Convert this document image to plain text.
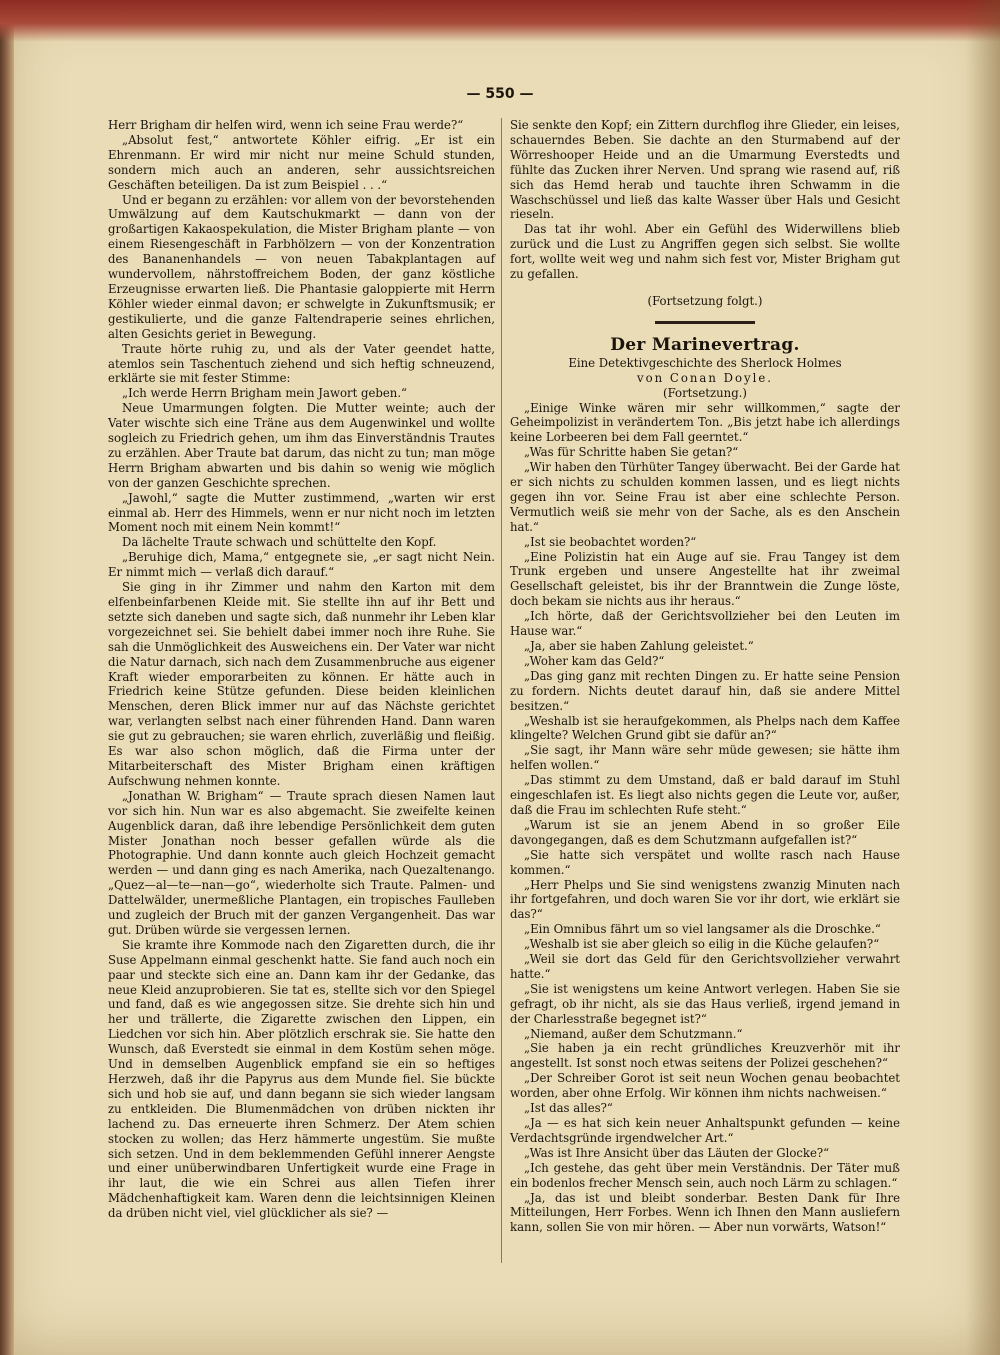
— 550 —

Herr Brigham dir helfen wird, wenn ich seine Frau werde?“

„Absolut fest,“ antwortete Köhler eifrig. „Er ist ein Ehrenmann. Er wird mir nicht nur meine Schuld stunden, sondern mich auch an anderen, sehr aussichtsreichen Geschäften beteiligen. Da ist zum Beispiel . . .“

Und er begann zu erzählen: vor allem von der bevorstehenden Umwälzung auf dem Kautschukmarkt — dann von der großartigen Kakaospekulation, die Mister Brigham plante — von einem Riesengeschäft in Farbhölzern — von der Konzentration des Bananenhandels — von neuen Tabakplantagen auf wundervollem, nährstoffreichem Boden, der ganz köstliche Erzeugnisse erwarten ließ. Die Phantasie galoppierte mit Herrn Köhler wieder einmal davon; er schwelgte in Zukunftsmusik; er gestikulierte, und die ganze Faltendraperie seines ehrlichen, alten Gesichts geriet in Bewegung.

Traute hörte ruhig zu, und als der Vater geendet hatte, atemlos sein Taschentuch ziehend und sich heftig schneuzend, erklärte sie mit fester Stimme:

„Ich werde Herrn Brigham mein Jawort geben.“

Neue Umarmungen folgten. Die Mutter weinte; auch der Vater wischte sich eine Träne aus dem Augenwinkel und wollte sogleich zu Friedrich gehen, um ihm das Einverständnis Trautes zu erzählen. Aber Traute bat darum, das nicht zu tun; man möge Herrn Brigham abwarten und bis dahin so wenig wie möglich von der ganzen Geschichte sprechen.

„Jawohl,“ sagte die Mutter zustimmend, „warten wir erst einmal ab. Herr des Himmels, wenn er nur nicht noch im letzten Moment noch mit einem Nein kommt!“

Da lächelte Traute schwach und schüttelte den Kopf.

„Beruhige dich, Mama,“ entgegnete sie, „er sagt nicht Nein. Er nimmt mich — verlaß dich darauf.“

Sie ging in ihr Zimmer und nahm den Karton mit dem elfenbeinfarbenen Kleide mit. Sie stellte ihn auf ihr Bett und setzte sich daneben und sagte sich, daß nunmehr ihr Leben klar vorgezeichnet sei. Sie behielt dabei immer noch ihre Ruhe. Sie sah die Unmöglichkeit des Ausweichens ein. Der Vater war nicht die Natur darnach, sich nach dem Zusammenbruche aus eigener Kraft wieder emporarbeiten zu können. Er hätte auch in Friedrich keine Stütze gefunden. Diese beiden kleinlichen Menschen, deren Blick immer nur auf das Nächste gerichtet war, verlangten selbst nach einer führenden Hand. Dann waren sie gut zu gebrauchen; sie waren ehrlich, zuverläßig und fleißig. Es war also schon möglich, daß die Firma unter der Mitarbeiterschaft des Mister Brigham einen kräftigen Aufschwung nehmen konnte.

„Jonathan W. Brigham“ — Traute sprach diesen Namen laut vor sich hin. Nun war es also abgemacht. Sie zweifelte keinen Augenblick daran, daß ihre lebendige Persönlichkeit dem guten Mister Jonathan noch besser gefallen würde als die Photographie. Und dann konnte auch gleich Hochzeit gemacht werden — und dann ging es nach Amerika, nach Quezaltenango. „Quez—al—te—nan—go“, wiederholte sich Traute. Palmen- und Dattelwälder, unermeßliche Plantagen, ein tropisches Faulleben und zugleich der Bruch mit der ganzen Vergangenheit. Das war gut. Drüben würde sie vergessen lernen.

Sie kramte ihre Kommode nach den Zigaretten durch, die ihr Suse Appelmann einmal geschenkt hatte. Sie fand auch noch ein paar und steckte sich eine an. Dann kam ihr der Gedanke, das neue Kleid anzuprobieren. Sie tat es, stellte sich vor den Spiegel und fand, daß es wie angegossen sitze. Sie drehte sich hin und her und trällerte, die Zigarette zwischen den Lippen, ein Liedchen vor sich hin. Aber plötzlich erschrak sie. Sie hatte den Wunsch, daß Everstedt sie einmal in dem Kostüm sehen möge. Und in demselben Augenblick empfand sie ein so heftiges Herzweh, daß ihr die Papyrus aus dem Munde fiel. Sie bückte sich und hob sie auf, und dann begann sie sich wieder langsam zu entkleiden. Die Blumenmädchen von drüben nickten ihr lachend zu. Das erneuerte ihren Schmerz. Der Atem schien stocken zu wollen; das Herz hämmerte ungestüm. Sie mußte sich setzen. Und in dem beklemmenden Gefühl innerer Aengste und einer unüberwindbaren Unfertigkeit wurde eine Frage in ihr laut, die wie ein Schrei aus allen Tiefen ihrer Mädchenhaftigkeit kam. Waren denn die leichtsinnigen Kleinen da drüben nicht viel, viel glücklicher als sie? —

Sie senkte den Kopf; ein Zittern durchflog ihre Glieder, ein leises, schauerndes Beben. Sie dachte an den Sturmabend auf der Wörreshooper Heide und an die Umarmung Everstedts und fühlte das Zucken ihrer Nerven. Und sprang wie rasend auf, riß sich das Hemd herab und tauchte ihren Schwamm in die Waschschüssel und ließ das kalte Wasser über Hals und Gesicht rieseln.

Das tat ihr wohl. Aber ein Gefühl des Widerwillens blieb zurück und die Lust zu Angriffen gegen sich selbst. Sie wollte fort, wollte weit weg und nahm sich fest vor, Mister Brigham gut zu gefallen.

(Fortsetzung folgt.)

Der Marinevertrag.

Eine Detektivgeschichte des Sherlock Holmes

von Conan Doyle.

(Fortsetzung.)

„Einige Winke wären mir sehr willkommen,“ sagte der Geheimpolizist in verändertem Ton. „Bis jetzt habe ich allerdings keine Lorbeeren bei dem Fall geerntet.“

„Was für Schritte haben Sie getan?“

„Wir haben den Türhüter Tangey überwacht. Bei der Garde hat er sich nichts zu schulden kommen lassen, und es liegt nichts gegen ihn vor. Seine Frau ist aber eine schlechte Person. Vermutlich weiß sie mehr von der Sache, als es den Anschein hat.“

„Ist sie beobachtet worden?“

„Eine Polizistin hat ein Auge auf sie. Frau Tangey ist dem Trunk ergeben und unsere Angestellte hat ihr zweimal Gesellschaft geleistet, bis ihr der Branntwein die Zunge löste, doch bekam sie nichts aus ihr heraus.“

„Ich hörte, daß der Gerichtsvollzieher bei den Leuten im Hause war.“

„Ja, aber sie haben Zahlung geleistet.“

„Woher kam das Geld?“

„Das ging ganz mit rechten Dingen zu. Er hatte seine Pension zu fordern. Nichts deutet darauf hin, daß sie andere Mittel besitzen.“

„Weshalb ist sie heraufgekommen, als Phelps nach dem Kaffee klingelte? Welchen Grund gibt sie dafür an?“

„Sie sagt, ihr Mann wäre sehr müde gewesen; sie hätte ihm helfen wollen.“

„Das stimmt zu dem Umstand, daß er bald darauf im Stuhl eingeschlafen ist. Es liegt also nichts gegen die Leute vor, außer, daß die Frau im schlechten Rufe steht.“

„Warum ist sie an jenem Abend in so großer Eile davongegangen, daß es dem Schutzmann aufgefallen ist?“

„Sie hatte sich verspätet und wollte rasch nach Hause kommen.“

„Herr Phelps und Sie sind wenigstens zwanzig Minuten nach ihr fortgefahren, und doch waren Sie vor ihr dort, wie erklärt sie das?“

„Ein Omnibus fährt um so viel langsamer als die Droschke.“

„Weshalb ist sie aber gleich so eilig in die Küche gelaufen?“

„Weil sie dort das Geld für den Gerichtsvollzieher verwahrt hatte.“

„Sie ist wenigstens um keine Antwort verlegen. Haben Sie sie gefragt, ob ihr nicht, als sie das Haus verließ, irgend jemand in der Charlesstraße begegnet ist?“

„Niemand, außer dem Schutzmann.“

„Sie haben ja ein recht gründliches Kreuzverhör mit ihr angestellt. Ist sonst noch etwas seitens der Polizei geschehen?“

„Der Schreiber Gorot ist seit neun Wochen genau beobachtet worden, aber ohne Erfolg. Wir können ihm nichts nachweisen.“

„Ist das alles?“

„Ja — es hat sich kein neuer Anhaltspunkt gefunden — keine Verdachtsgründe irgendwelcher Art.“

„Was ist Ihre Ansicht über das Läuten der Glocke?“

„Ich gestehe, das geht über mein Verständnis. Der Täter muß ein bodenlos frecher Mensch sein, auch noch Lärm zu schlagen.“

„Ja, das ist und bleibt sonderbar. Besten Dank für Ihre Mitteilungen, Herr Forbes. Wenn ich Ihnen den Mann ausliefern kann, sollen Sie von mir hören. — Aber nun vorwärts, Watson!“
